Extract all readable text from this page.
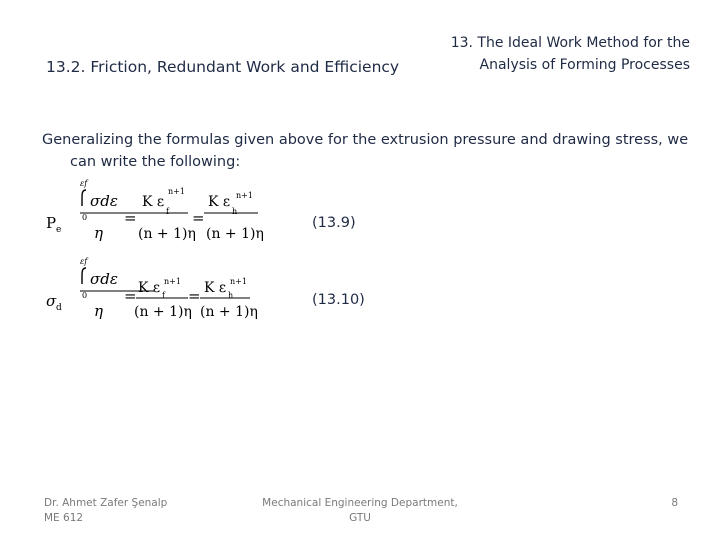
13. The Ideal Work Method for the
Analysis of Forming Processes
13.2. Friction, Redundant Work and Efficiency
Generalizing the formulas given above for the extrusion pressure and drawing stress, we can write the following:
P e
εf
0
σdε
η
=
K ε
f
n+1
(n + 1)η
=
K ε
h
n+1
(n + 1)η
(13.9)
σ d
εf
0
σdε
η
= K ε f
n+1
(n + 1)η
= K ε h
n+1
(n + 1)η
(13.10)
Dr. Ahmet Zafer Şenalp
ME 612
Mechanical Engineering Department,
GTU
8
